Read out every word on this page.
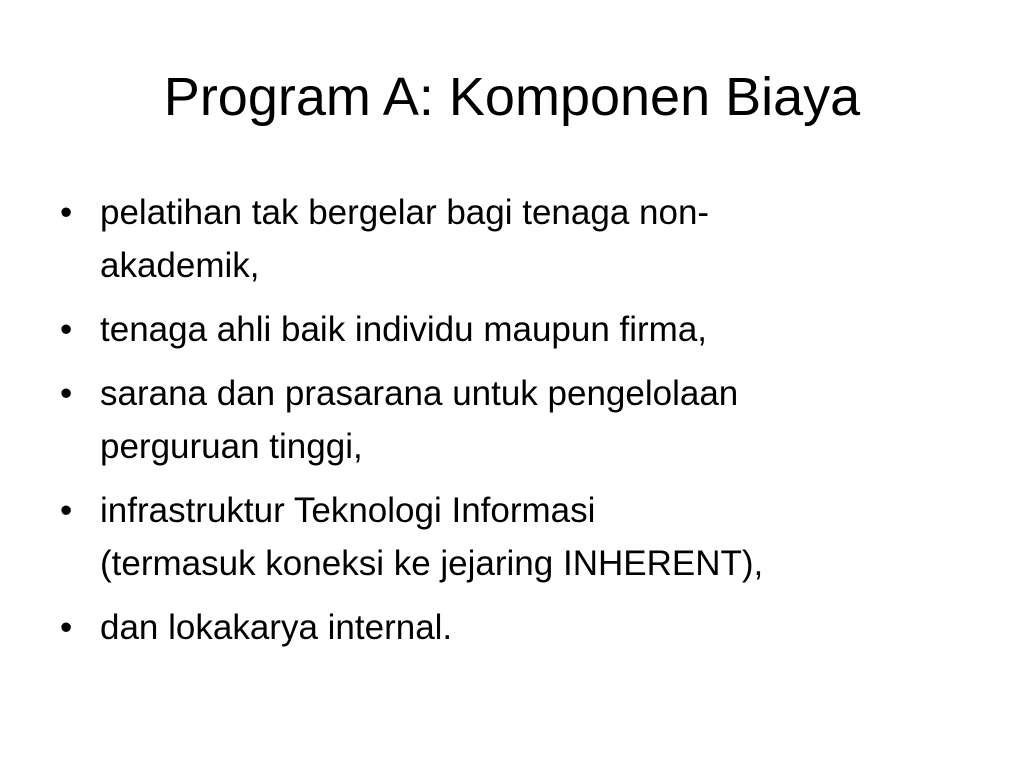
Program A: Komponen Biaya
• pelatihan tak bergelar bagi tenaga non-
akademik,
• tenaga ahli baik individu maupun firma,
• sarana dan prasarana untuk pengelolaan
perguruan tinggi,
• infrastruktur Teknologi Informasi
(termasuk koneksi ke jejaring INHERENT),
• dan lokakarya internal.
